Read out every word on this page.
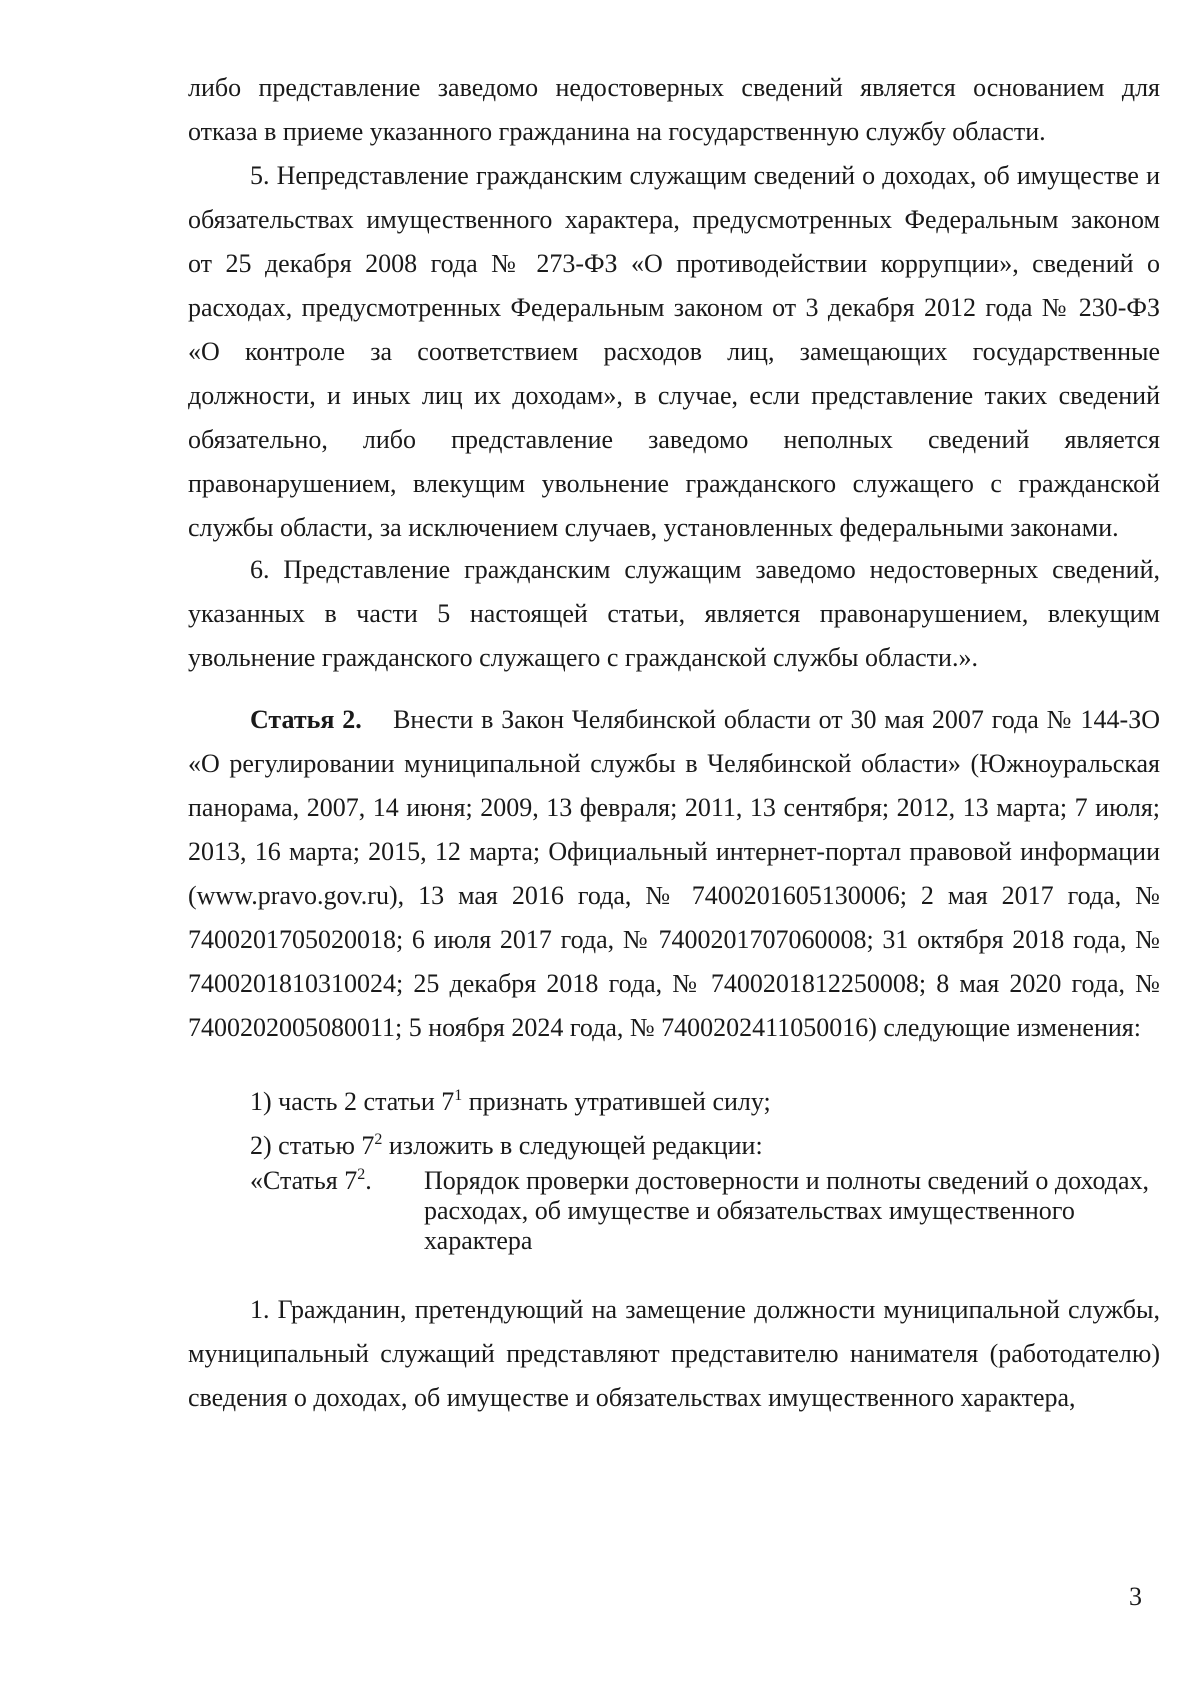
либо представление заведомо недостоверных сведений является основанием для отказа в приеме указанного гражданина на государственную службу области.

5. Непредставление гражданским служащим сведений о доходах, об имуществе и обязательствах имущественного характера, предусмотренных Федеральным законом от 25 декабря 2008 года № 273-ФЗ «О противодействии коррупции», сведений о расходах, предусмотренных Федеральным законом от 3 декабря 2012 года № 230-ФЗ «О контроле за соответствием расходов лиц, замещающих государственные должности, и иных лиц их доходам», в случае, если представление таких сведений обязательно, либо представление заведомо неполных сведений является правонарушением, влекущим увольнение гражданского служащего с гражданской службы области, за исключением случаев, установленных федеральными законами.

6. Представление гражданским служащим заведомо недостоверных сведений, указанных в части 5 настоящей статьи, является правонарушением, влекущим увольнение гражданского служащего с гражданской службы области.».

Статья 2. Внести в Закон Челябинской области от 30 мая 2007 года № 144-ЗО «О регулировании муниципальной службы в Челябинской области» (Южноуральская панорама, 2007, 14 июня; 2009, 13 февраля; 2011, 13 сентября; 2012, 13 марта; 7 июля; 2013, 16 марта; 2015, 12 марта; Официальный интернет-портал правовой информации (www.pravo.gov.ru), 13 мая 2016 года, № 7400201605130006; 2 мая 2017 года, № 7400201705020018; 6 июля 2017 года, № 7400201707060008; 31 октября 2018 года, № 7400201810310024; 25 декабря 2018 года, № 7400201812250008; 8 мая 2020 года, № 7400202005080011; 5 ноября 2024 года, № 7400202411050016) следующие изменения:

1) часть 2 статьи $7^1$ признать утратившей силу;

2) статью $7^2$ изложить в следующей редакции:

«Статья $7^2$.	Порядок проверки достоверности и полноты сведений о доходах, расходах, об имуществе и обязательствах имущественного характера

1. Гражданин, претендующий на замещение должности муниципальной службы, муниципальный служащий представляют представителю нанимателя (работодателю) сведения о доходах, об имуществе и обязательствах имущественного характера,

3
